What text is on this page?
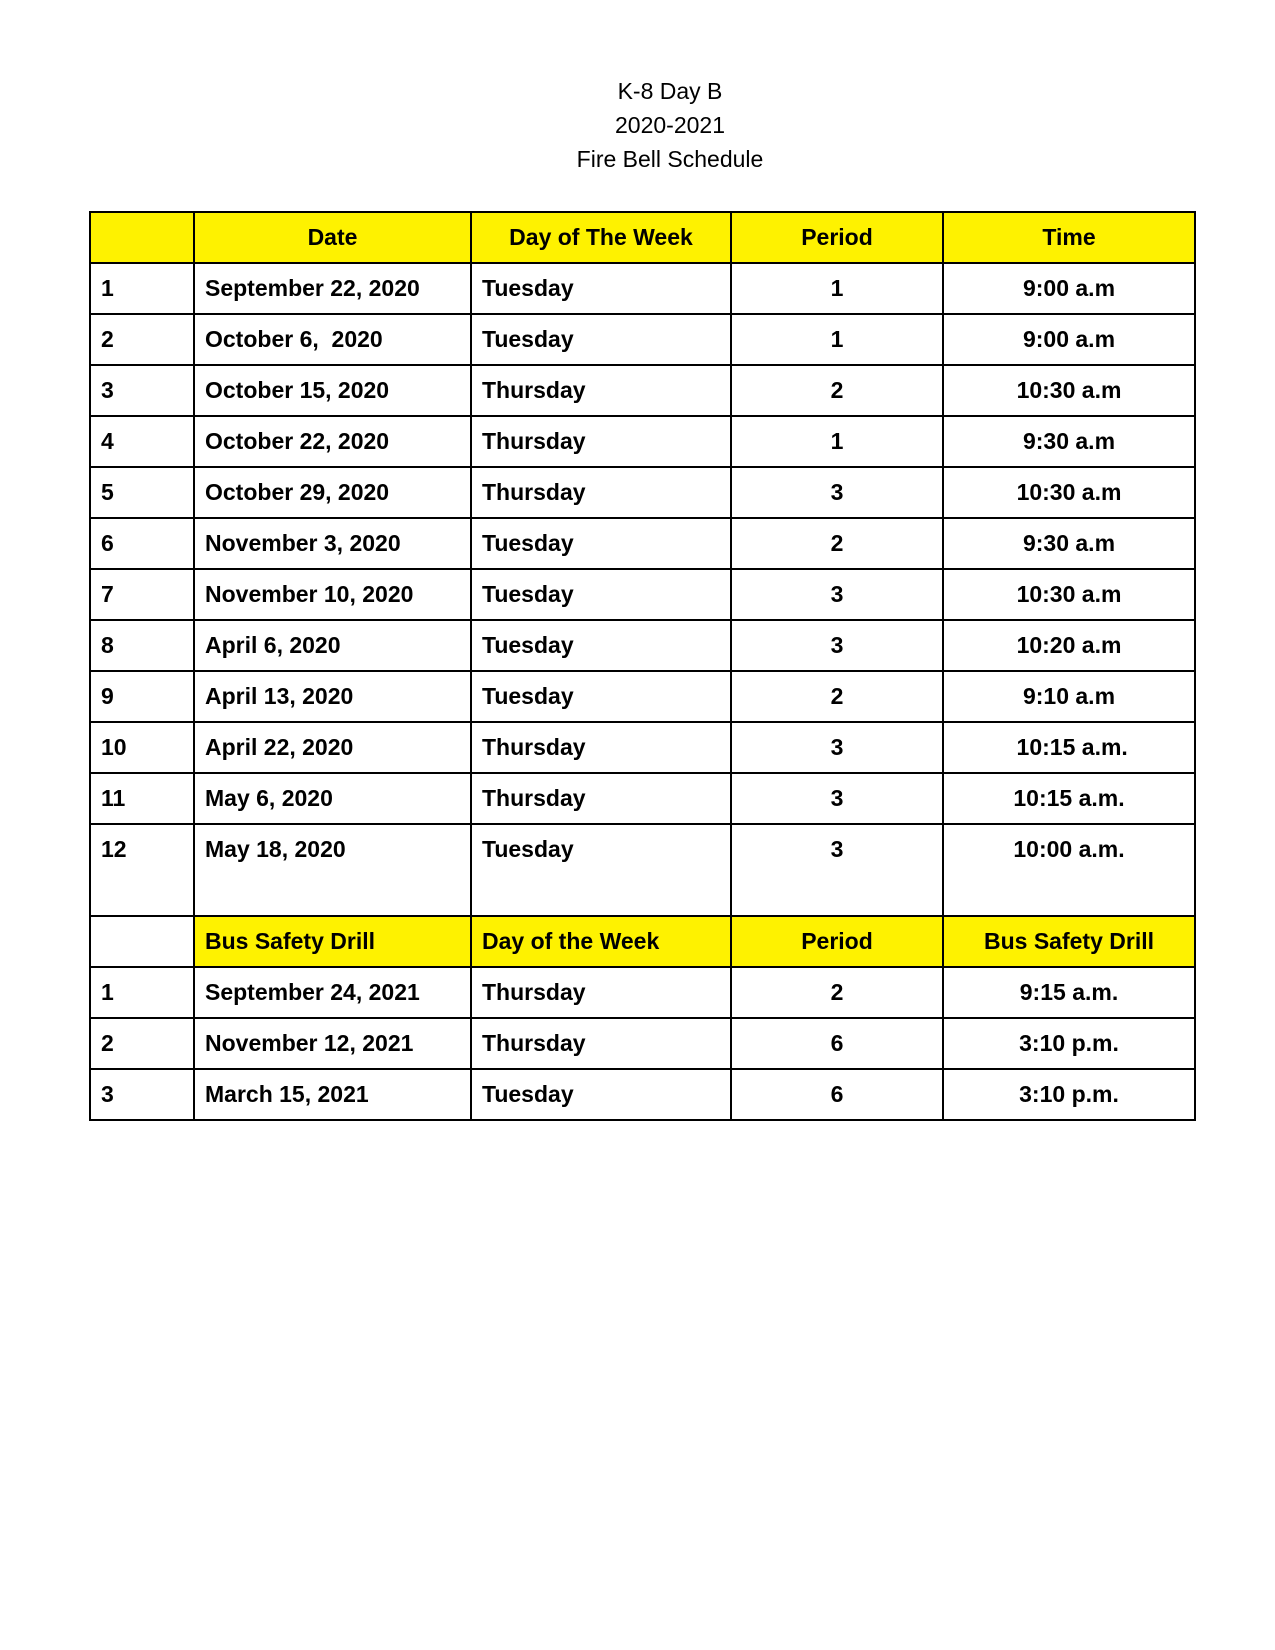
K-8 Day B
2020-2021
Fire Bell Schedule
	Date	Day of The Week	Period	Time
1	September 22, 2020	Tuesday	1	9:00 a.m
2	October 6,  2020	Tuesday	1	9:00 a.m
3	October 15, 2020	Thursday	2	10:30 a.m
4	October 22, 2020	Thursday	1	9:30 a.m
5	October 29, 2020	Thursday	3	10:30 a.m
6	November 3, 2020	Tuesday	2	9:30 a.m
7	November 10, 2020	Tuesday	3	10:30 a.m
8	April 6, 2020	Tuesday	3	10:20 a.m
9	April 13, 2020	Tuesday	2	9:10 a.m
10	April 22, 2020	Thursday	3	10:15 a.m.
11	May 6, 2020	Thursday	3	10:15 a.m.
12	May 18, 2020	Tuesday	3	10:00 a.m.
	Bus Safety Drill	Day of the Week	Period	Bus Safety Drill
1	September 24, 2021	Thursday	2	9:15 a.m.
2	November 12, 2021	Thursday	6	3:10 p.m.
3	March 15, 2021	Tuesday	6	3:10 p.m.
